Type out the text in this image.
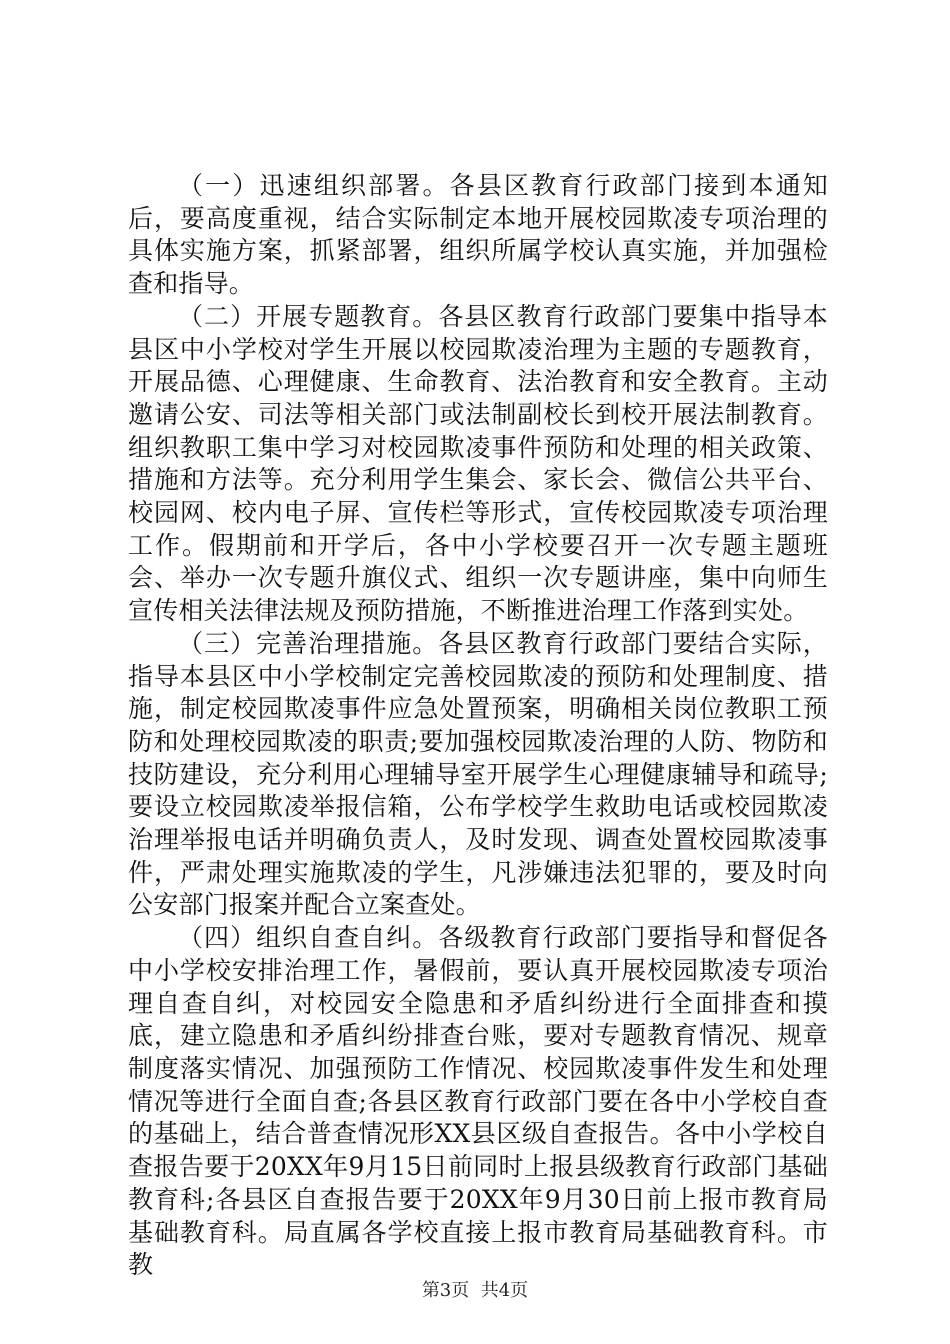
（一）迅速组织部署。各县区教育行政部门接到本通知后，要高度重视，结合实际制定本地开展校园欺凌专项治理的具体实施方案，抓紧部署，组织所属学校认真实施，并加强检查和指导。

（二）开展专题教育。各县区教育行政部门要集中指导本县区中小学校对学生开展以校园欺凌治理为主题的专题教育，开展品德、心理健康、生命教育、法治教育和安全教育。主动邀请公安、司法等相关部门或法制副校长到校开展法制教育。组织教职工集中学习对校园欺凌事件预防和处理的相关政策、措施和方法等。充分利用学生集会、家长会、微信公共平台、校园网、校内电子屏、宣传栏等形式，宣传校园欺凌专项治理工作。假期前和开学后，各中小学校要召开一次专题主题班会、举办一次专题升旗仪式、组织一次专题讲座，集中向师生宣传相关法律法规及预防措施，不断推进治理工作落到实处。

（三）完善治理措施。各县区教育行政部门要结合实际，指导本县区中小学校制定完善校园欺凌的预防和处理制度、措施，制定校园欺凌事件应急处置预案，明确相关岗位教职工预防和处理校园欺凌的职责;要加强校园欺凌治理的人防、物防和技防建设，充分利用心理辅导室开展学生心理健康辅导和疏导;要设立校园欺凌举报信箱，公布学校学生救助电话或校园欺凌治理举报电话并明确负责人，及时发现、调查处置校园欺凌事件，严肃处理实施欺凌的学生，凡涉嫌违法犯罪的，要及时向公安部门报案并配合立案查处。

（四）组织自查自纠。各级教育行政部门要指导和督促各中小学校安排治理工作，暑假前，要认真开展校园欺凌专项治理自查自纠，对校园安全隐患和矛盾纠纷进行全面排查和摸底，建立隐患和矛盾纠纷排查台账，要对专题教育情况、规章制度落实情况、加强预防工作情况、校园欺凌事件发生和处理情况等进行全面自查;各县区教育行政部门要在各中小学校自查的基础上，结合普查情况形XX县区级自查报告。各中小学校自查报告要于20XX年9月15日前同时上报县级教育行政部门基础教育科;各县区自查报告要于20XX年9月30日前上报市教育局基础教育科。局直属各学校直接上报市教育局基础教育科。市教

第3页 共4页
